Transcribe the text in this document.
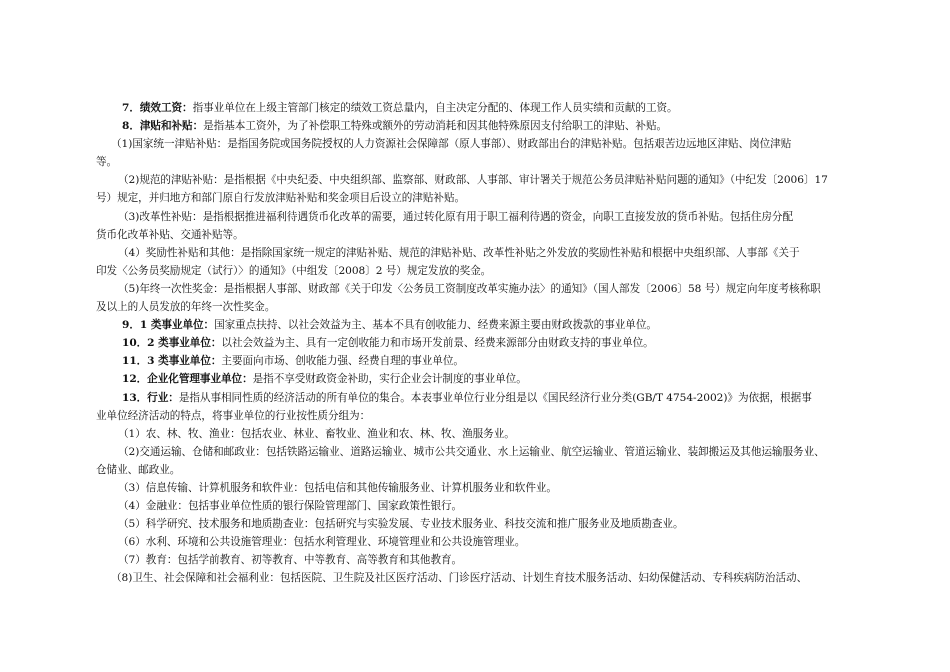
7．绩效工资：指事业单位在上级主管部门核定的绩效工资总量内，自主决定分配的、体现工作人员实绩和贡献的工资。
8．津贴和补贴：是指基本工资外，为了补偿职工特殊或额外的劳动消耗和因其他特殊原因支付给职工的津贴、补贴。
（1)国家统一津贴补贴：是指国务院或国务院授权的人力资源社会保障部（原人事部）、财政部出台的津贴补贴。包括艰苦边远地区津贴、岗位津贴
等。
（2)规范的津贴补贴：是指根据《中央纪委、中央组织部、监察部、财政部、人事部、审计署关于规范公务员津贴补贴问题的通知》（中纪发〔2006〕17
号）规定，并归地方和部门原自行发放津贴补贴和奖金项目后设立的津贴补贴。
（3)改革性补贴：是指根据推进福利待遇货币化改革的需要，通过转化原有用于职工福利待遇的资金，向职工直接发放的货币补贴。包括住房分配
货币化改革补贴、交通补贴等。
（4）奖励性补贴和其他：是指除国家统一规定的津贴补贴、规范的津贴补贴、改革性补贴之外发放的奖励性补贴和根据中央组织部、人事部《关于
印发〈公务员奖励规定（试行）〉的通知》（中组发〔2008〕2 号）规定发放的奖金。
（5)年终一次性奖金：是指根据人事部、财政部《关于印发〈公务员工资制度改革实施办法〉的通知》（国人部发〔2006〕58 号）规定向年度考核称职
及以上的人员发放的年终一次性奖金。
9．1 类事业单位：国家重点扶持、以社会效益为主、基本不具有创收能力、经费来源主要由财政拨款的事业单位。
10．2 类事业单位：以社会效益为主、具有一定创收能力和市场开发前景、经费来源部分由财政支持的事业单位。
11．3 类事业单位：主要面向市场、创收能力强、经费自理的事业单位。
12．企业化管理事业单位：是指不享受财政资金补助，实行企业会计制度的事业单位。
13．行业：是指从事相同性质的经济活动的所有单位的集合。本表事业单位行业分组是以《国民经济行业分类(GB/T 4754-2002)》为依据，根据事
业单位经济活动的特点，将事业单位的行业按性质分组为：
（1）农、林、牧、渔业：包括农业、林业、畜牧业、渔业和农、林、牧、渔服务业。
（2)交通运输、仓储和邮政业：包括铁路运输业、道路运输业、城市公共交通业、水上运输业、航空运输业、管道运输业、装卸搬运及其他运输服务业、
仓储业、邮政业。
（3）信息传输、计算机服务和软件业：包括电信和其他传输服务业、计算机服务业和软件业。
（4）金融业：包括事业单位性质的银行保险管理部门、国家政策性银行。
（5）科学研究、技术服务和地质勘查业：包括研究与实验发展、专业技术服务业、科技交流和推广服务业及地质勘查业。
（6）水利、环境和公共设施管理业：包括水利管理业、环境管理业和公共设施管理业。
（7）教育：包括学前教育、初等教育、中等教育、高等教育和其他教育。
（8)卫生、社会保障和社会福利业：包括医院、卫生院及社区医疗活动、门诊医疗活动、计划生育技术服务活动、妇幼保健活动、专科疾病防治活动、
